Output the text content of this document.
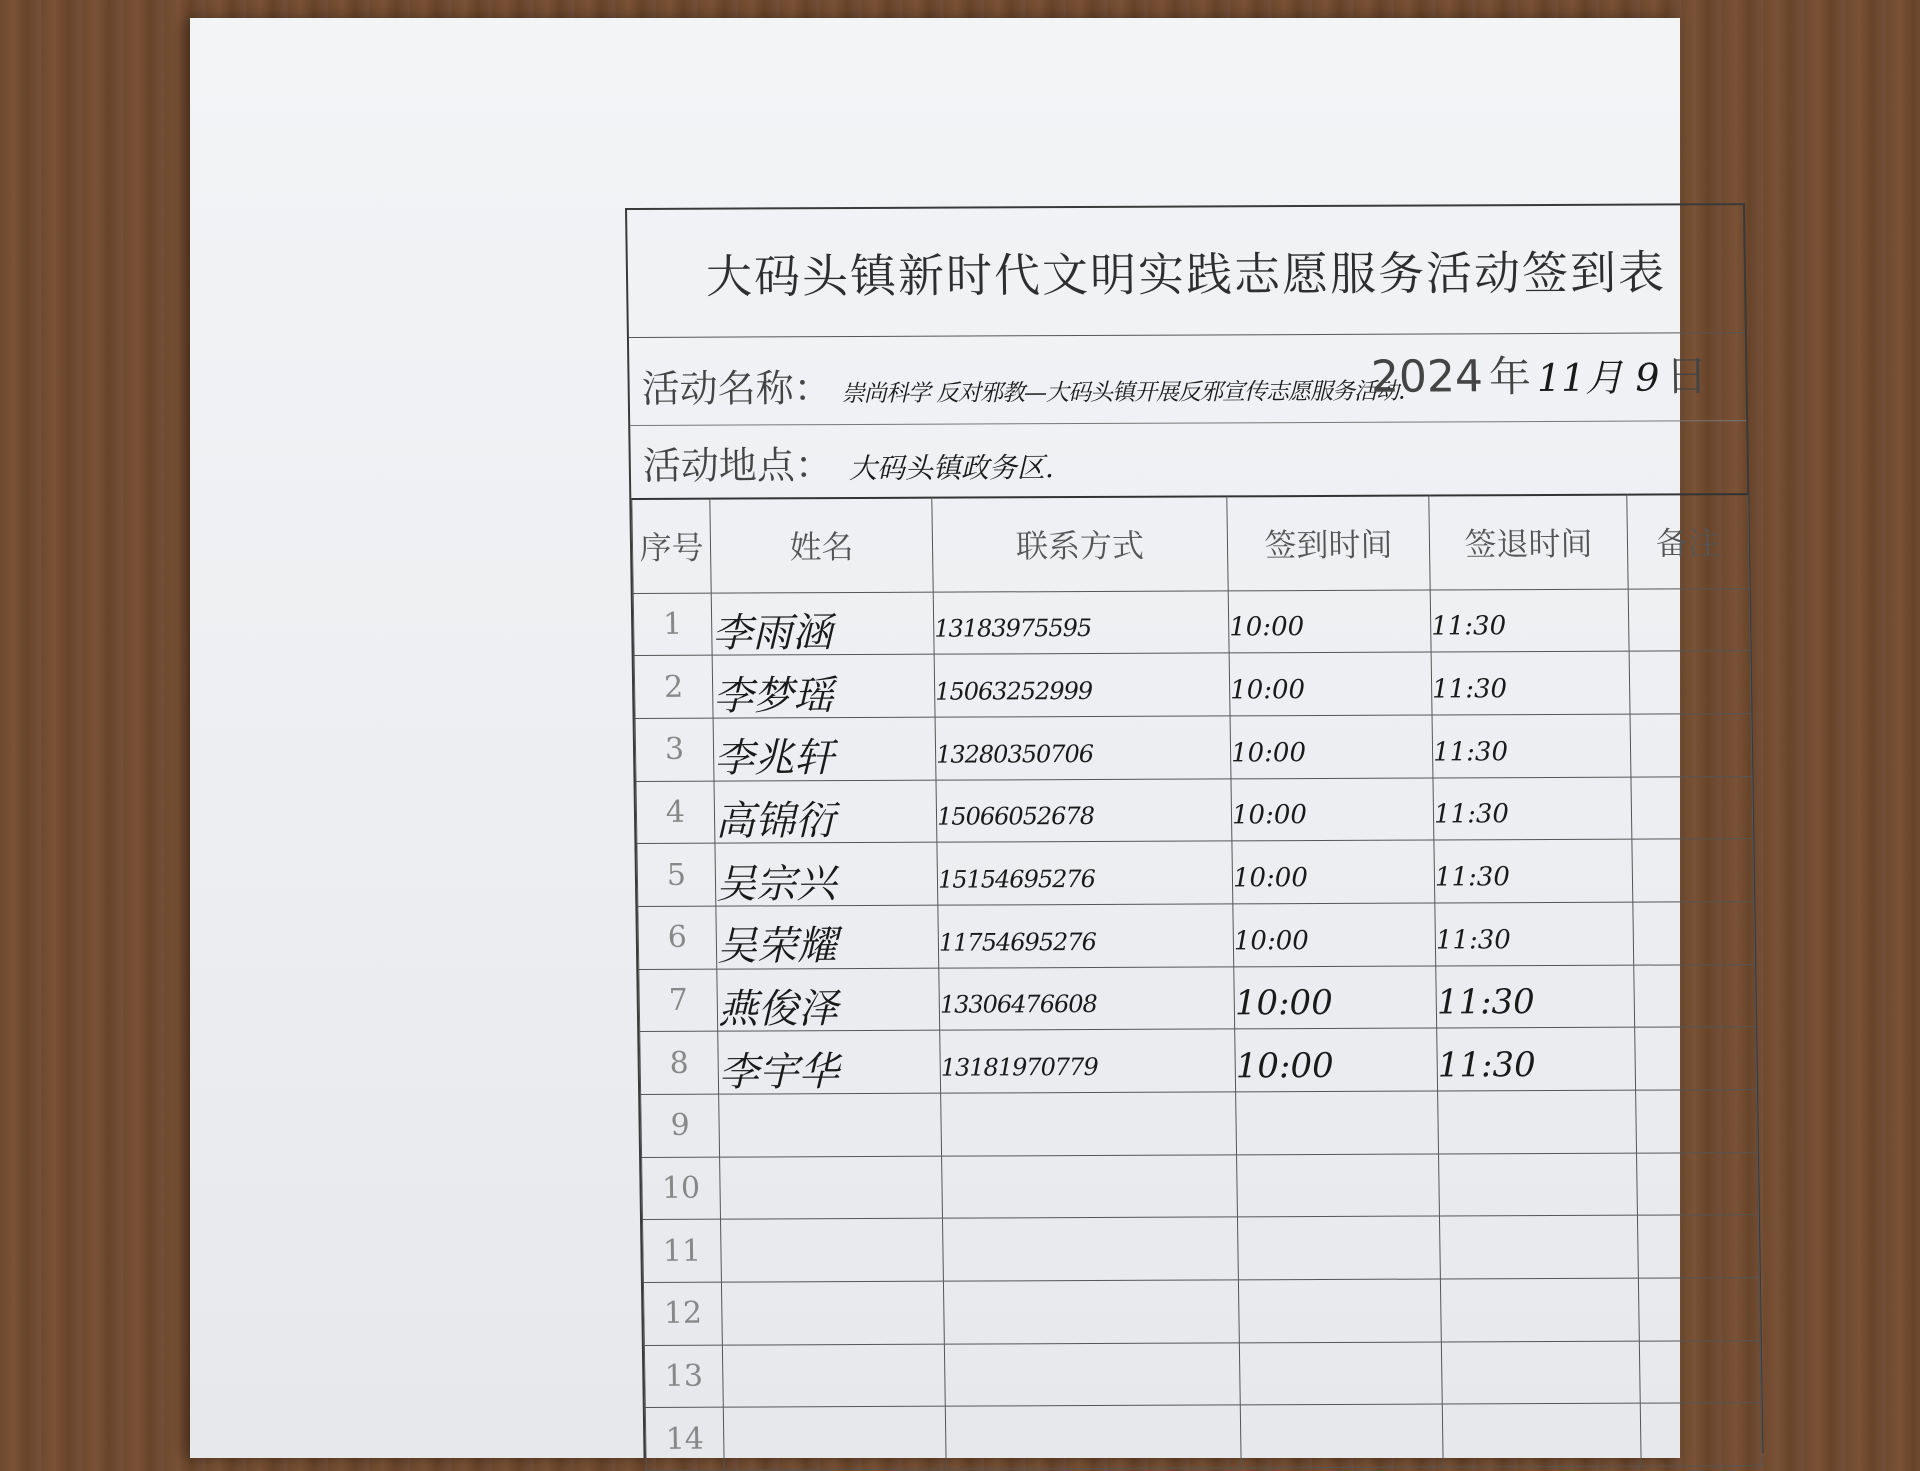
大码头镇新时代文明实践志愿服务活动签到表
活动名称： 崇尚科学 反对邪教—大码头镇开展反邪宣传志愿服务活动.
2024 年 11月 9 日
活动地点： 大码头镇政务区.
序号	姓名	联系方式	签到时间	签退时间	备注
1	李雨涵	13183975595	10:00	11:30	
2	李梦瑶	15063252999	10:00	11:30	
3	李兆轩	13280350706	10:00	11:30	
4	高锦衍	15066052678	10:00	11:30	
5	吴宗兴	15154695276	10:00	11:30	
6	吴荣耀	11754695276	10:00	11:30	
7	燕俊泽	13306476608	10:00	11:30	
8	李宇华	13181970779	10:00	11:30	
9					
10					
11					
12					
13					
14					
